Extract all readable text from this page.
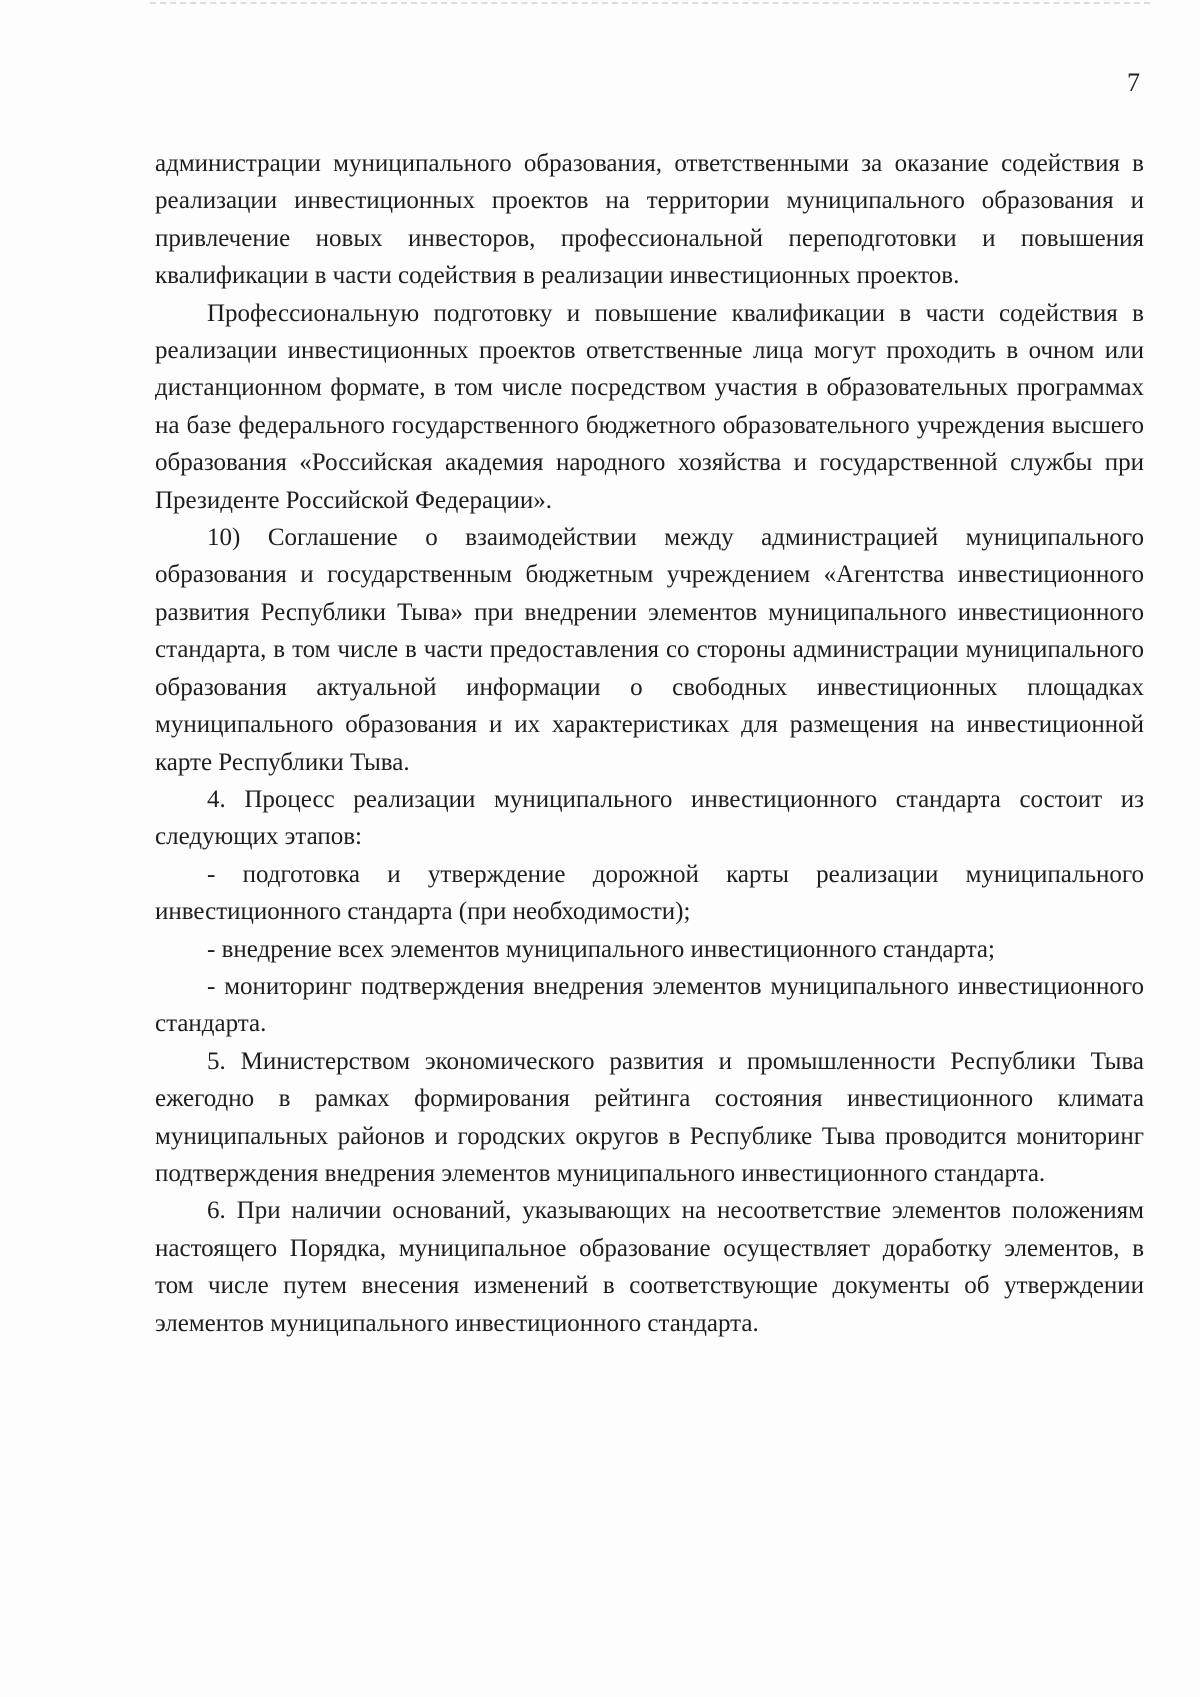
7

администрации муниципального образования, ответственными за оказание содействия в реализации инвестиционных проектов на территории муниципального образования и привлечение новых инвесторов, профессиональной переподготовки и повышения квалификации в части содействия в реализации инвестиционных проектов.

Профессиональную подготовку и повышение квалификации в части содействия в реализации инвестиционных проектов ответственные лица могут проходить в очном или дистанционном формате, в том числе посредством участия в образовательных программах на базе федерального государственного бюджетного образовательного учреждения высшего образования «Российская академия народного хозяйства и государственной службы при Президенте Российской Федерации».

10) Соглашение о взаимодействии между администрацией муниципального образования и государственным бюджетным учреждением «Агентства инвестиционного развития Республики Тыва» при внедрении элементов муниципального инвестиционного стандарта, в том числе в части предоставления со стороны администрации муниципального образования актуальной информации о свободных инвестиционных площадках муниципального образования и их характеристиках для размещения на инвестиционной карте Республики Тыва.

4. Процесс реализации муниципального инвестиционного стандарта состоит из следующих этапов:

- подготовка и утверждение дорожной карты реализации муниципального инвестиционного стандарта (при необходимости);

- внедрение всех элементов муниципального инвестиционного стандарта;

- мониторинг подтверждения внедрения элементов муниципального инвестиционного стандарта.

5. Министерством экономического развития и промышленности Республики Тыва ежегодно в рамках формирования рейтинга состояния инвестиционного климата муниципальных районов и городских округов в Республике Тыва проводится мониторинг подтверждения внедрения элементов муниципального инвестиционного стандарта.

6. При наличии оснований, указывающих на несоответствие элементов положениям настоящего Порядка, муниципальное образование осуществляет доработку элементов, в том числе путем внесения изменений в соответствующие документы об утверждении элементов муниципального инвестиционного стандарта.
